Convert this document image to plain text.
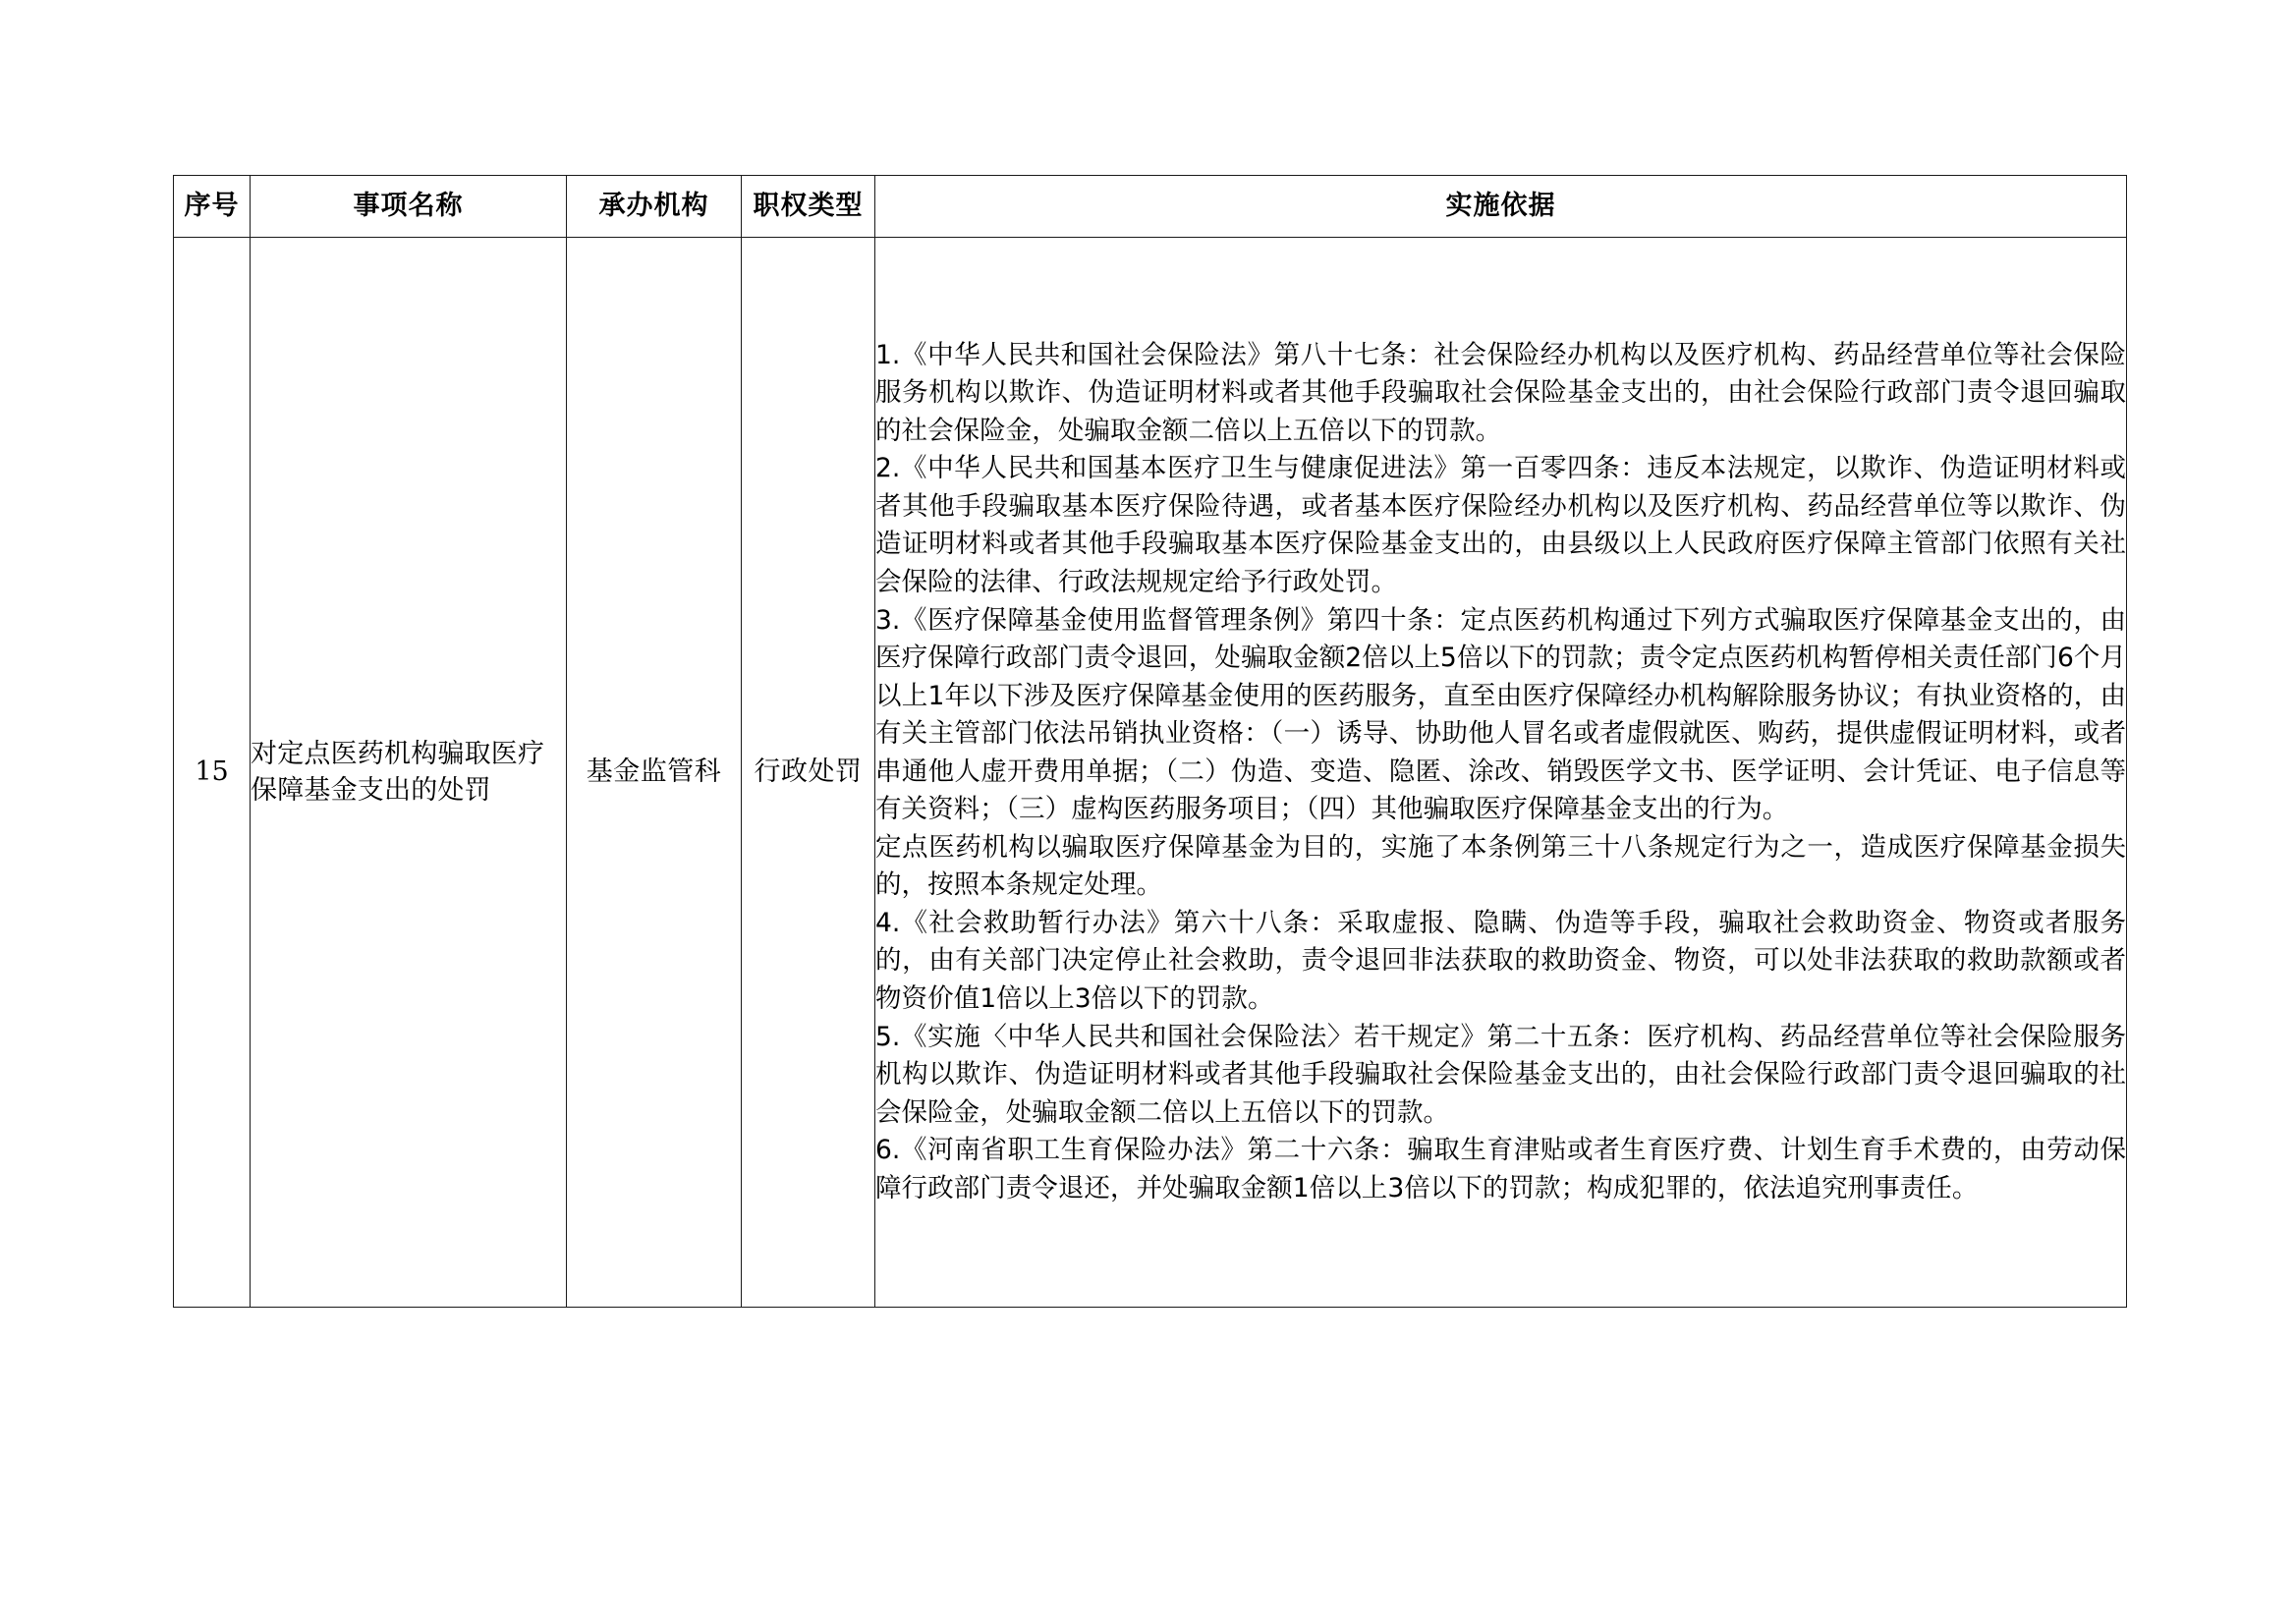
序号	事项名称	承办机构	职权类型	实施依据
15	对定点医药机构骗取医疗保障基金支出的处罚	基金监管科	行政处罚	

1.《中华人民共和国社会保险法》第八十七条：社会保险经办机构以及医疗机构、药品经营单位等社会保险服务机构以欺诈、伪造证明材料或者其他手段骗取社会保险基金支出的，由社会保险行政部门责令退回骗取的社会保险金，处骗取金额二倍以上五倍以下的罚款。

2.《中华人民共和国基本医疗卫生与健康促进法》第一百零四条：违反本法规定，以欺诈、伪造证明材料或者其他手段骗取基本医疗保险待遇，或者基本医疗保险经办机构以及医疗机构、药品经营单位等以欺诈、伪造证明材料或者其他手段骗取基本医疗保险基金支出的，由县级以上人民政府医疗保障主管部门依照有关社会保险的法律、行政法规规定给予行政处罚。

3.《医疗保障基金使用监督管理条例》第四十条：定点医药机构通过下列方式骗取医疗保障基金支出的，由医疗保障行政部门责令退回，处骗取金额2倍以上5倍以下的罚款；责令定点医药机构暂停相关责任部门6个月以上1年以下涉及医疗保障基金使用的医药服务，直至由医疗保障经办机构解除服务协议；有执业资格的，由有关主管部门依法吊销执业资格：（一）诱导、协助他人冒名或者虚假就医、购药，提供虚假证明材料，或者串通他人虚开费用单据；（二）伪造、变造、隐匿、涂改、销毁医学文书、医学证明、会计凭证、电子信息等有关资料；（三）虚构医药服务项目；（四）其他骗取医疗保障基金支出的行为。

定点医药机构以骗取医疗保障基金为目的，实施了本条例第三十八条规定行为之一，造成医疗保障基金损失的，按照本条规定处理。

4.《社会救助暂行办法》第六十八条：采取虚报、隐瞒、伪造等手段，骗取社会救助资金、物资或者服务的，由有关部门决定停止社会救助，责令退回非法获取的救助资金、物资，可以处非法获取的救助款额或者物资价值1倍以上3倍以下的罚款。

5.《实施〈中华人民共和国社会保险法〉若干规定》第二十五条：医疗机构、药品经营单位等社会保险服务机构以欺诈、伪造证明材料或者其他手段骗取社会保险基金支出的，由社会保险行政部门责令退回骗取的社会保险金，处骗取金额二倍以上五倍以下的罚款。

6.《河南省职工生育保险办法》第二十六条：骗取生育津贴或者生育医疗费、计划生育手术费的，由劳动保障行政部门责令退还，并处骗取金额1倍以上3倍以下的罚款；构成犯罪的，依法追究刑事责任。
